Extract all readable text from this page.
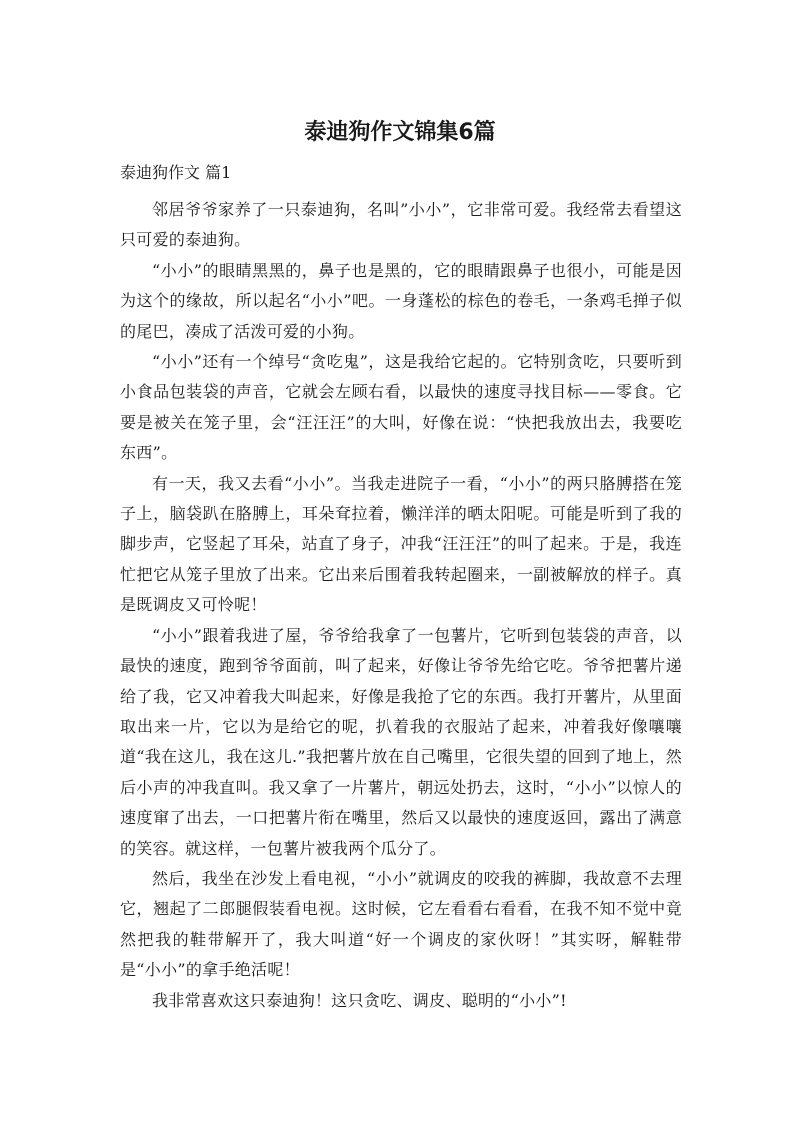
泰迪狗作文锦集6篇
泰迪狗作文 篇1

邻居爷爷家养了一只泰迪狗，名叫”小小”，它非常可爱。我经常去看望这只可爱的泰迪狗。

“小小”的眼睛黑黑的，鼻子也是黑的，它的眼睛跟鼻子也很小，可能是因为这个的缘故，所以起名“小小”吧。一身蓬松的棕色的卷毛，一条鸡毛掸子似的尾巴，凑成了活泼可爱的小狗。

“小小”还有一个绰号“贪吃鬼”，这是我给它起的。它特别贪吃，只要听到小食品包装袋的声音，它就会左顾右看，以最快的速度寻找目标——零食。它要是被关在笼子里，会“汪汪汪”的大叫，好像在说：“快把我放出去，我要吃东西”。

有一天，我又去看“小小”。当我走进院子一看，“小小”的两只胳膊搭在笼子上，脑袋趴在胳膊上，耳朵耷拉着，懒洋洋的晒太阳呢。可能是听到了我的脚步声，它竖起了耳朵，站直了身子，冲我“汪汪汪”的叫了起来。于是，我连忙把它从笼子里放了出来。它出来后围着我转起圈来，一副被解放的样子。真是既调皮又可怜呢！

“小小”跟着我进了屋，爷爷给我拿了一包薯片，它听到包装袋的声音，以最快的速度，跑到爷爷面前，叫了起来，好像让爷爷先给它吃。爷爷把薯片递给了我，它又冲着我大叫起来，好像是我抢了它的东西。我打开薯片，从里面取出来一片，它以为是给它的呢，扒着我的衣服站了起来，冲着我好像嚷嚷道“我在这儿，我在这儿.”我把薯片放在自己嘴里，它很失望的回到了地上，然后小声的冲我直叫。我又拿了一片薯片，朝远处扔去，这时，“小小”以惊人的速度窜了出去，一口把薯片衔在嘴里，然后又以最快的速度返回，露出了满意的笑容。就这样，一包薯片被我两个瓜分了。

然后，我坐在沙发上看电视，“小小”就调皮的咬我的裤脚，我故意不去理它，翘起了二郎腿假装看电视。这时候，它左看看右看看，在我不知不觉中竟然把我的鞋带解开了，我大叫道“好一个调皮的家伙呀！”其实呀，解鞋带是“小小”的拿手绝活呢！

我非常喜欢这只泰迪狗！这只贪吃、调皮、聪明的“小小”!
